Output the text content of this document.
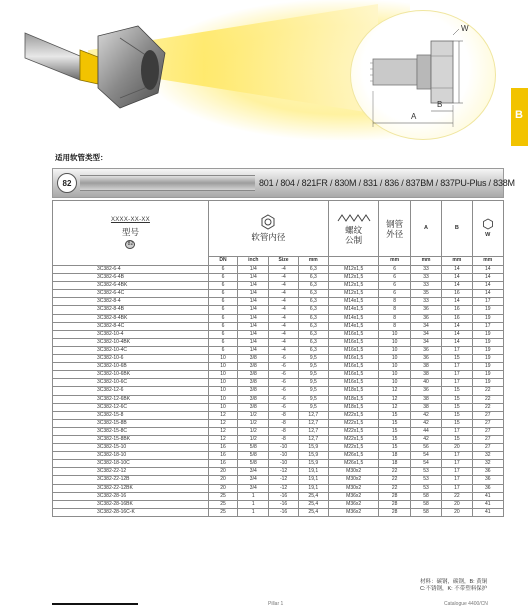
W
B
A	B
适用软管类型：
82	801 / 804 / 821FR / 830M / 831 / 836 / 837BM / 837PU-Plus / 838M
XXXX-XX-XX
型号
82	软管内径				螺纹
公制	钢管
外径	A	B	W
	DN	inch	Size	mm		mm	mm	mm	mm
3C382-6-4	6	1/4	-4	6,3	M12x1,5	6	33	14	14
3C382-6-4B	6	1/4	-4	6,3	M12x1,5	6	33	14	14
3C382-6-4BK	6	1/4	-4	6,3	M12x1,5	6	33	14	14
3C382-6-4C	6	1/4	-4	6,3	M12x1,5	6	35	16	14
3C382-8-4	6	1/4	-4	6,3	M14x1,5	8	33	14	17
3C382-8-4B	6	1/4	-4	6,3	M14x1,5	8	36	16	19
3C382-8-4BK	6	1/4	-4	6,3	M14x1,5	8	36	16	19
3C382-8-4C	6	1/4	-4	6,3	M14x1,5	8	34	14	17
3C382-10-4	6	1/4	-4	6,3	M16x1,5	10	34	14	19
3C382-10-4BK	6	1/4	-4	6,3	M16x1,5	10	34	14	19
3C382-10-4C	6	1/4	-4	6,3	M16x1,5	10	36	17	19
3C382-10-6	10	3/8	-6	9,5	M16x1,5	10	36	15	19
3C382-10-6B	10	3/8	-6	9,5	M16x1,5	10	38	17	19
3C382-10-6BK	10	3/8	-6	9,5	M16x1,5	10	38	17	19
3C382-10-6C	10	3/8	-6	9,5	M16x1,5	10	40	17	19
3C382-12-6	10	3/8	-6	9,5	M18x1,5	12	36	15	22
3C382-12-6BK	10	3/8	-6	9,5	M18x1,5	12	38	15	22
3C382-12-6C	10	3/8	-6	9,5	M18x1,5	12	38	15	22
3C382-15-8	12	1/2	-8	12,7	M22x1,5	15	42	15	27
3C382-15-8B	12	1/2	-8	12,7	M22x1,5	15	42	15	27
3C382-15-8C	12	1/2	-8	12,7	M22x1,5	15	44	17	27
3C382-15-8BK	12	1/2	-8	12,7	M22x1,5	15	42	15	27
3C382-15-10	16	5/8	-10	15,9	M22x1,5	15	56	20	27
3C382-18-10	16	5/8	-10	15,9	M26x1,5	18	54	17	32
3C382-18-10C	16	5/8	-10	15,9	M26x1,5	18	54	17	32
3C382-22-12	20	3/4	-12	19,1	M30x2	22	53	17	36
3C382-22-12B	20	3/4	-12	19,1	M30x2	22	53	17	36
3C382-22-12BK	20	3/4	-12	19,1	M30x2	22	53	17	36
3C382-28-16	25	1	-16	25,4	M36x2	28	58	22	41
3C382-28-16BK	25	1	-16	25,4	M36x2	28	58	20	41
3C382-28-16C-K	25	1	-16	25,4	M36x2	28	58	20	41
材料：碳钢，碳钢，B: 黄铜
C:不锈钢，K: 不带塑料保护
Pillar 1	Catalogue 4400/CN
